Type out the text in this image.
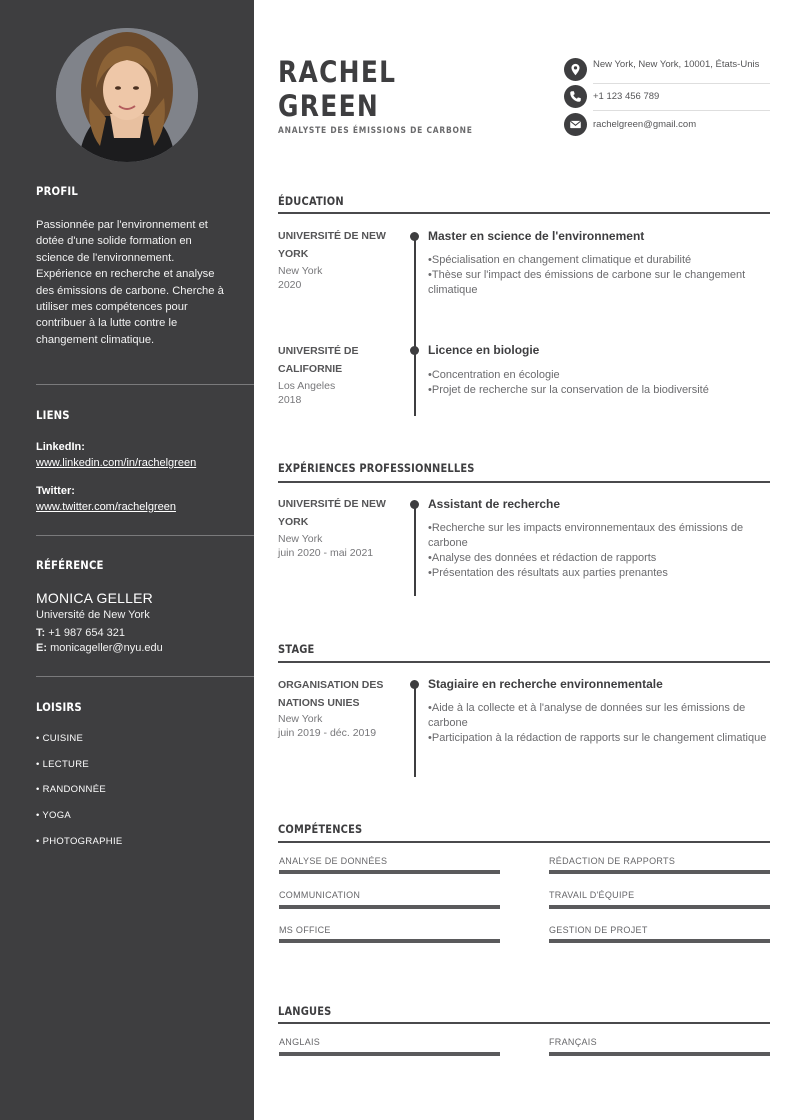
PROFIL
Passionnée par l'environnement et dotée d'une solide formation en science de l'environnement. Expérience en recherche et analyse des émissions de carbone. Cherche à utiliser mes compétences pour contribuer à la lutte contre le changement climatique.
LIENS
LinkedIn:
www.linkedin.com/in/rachelgreen
Twitter:
www.twitter.com/rachelgreen
RÉFÉRENCE
MONICA GELLER
Université de New York
T: +1 987 654 321
E: monicageller@nyu.edu
LOISIRS
• CUISINE
• LECTURE
• RANDONNÉE
• YOGA
• PHOTOGRAPHIE
RACHEL
GREEN
ANALYSTE DES ÉMISSIONS DE CARBONE
New York, New York, 10001, États-Unis
+1 123 456 789
rachelgreen@gmail.com
ÉDUCATION
UNIVERSITÉ DE NEW YORK
New York
2020
Master en science de l'environnement
• Spécialisation en changement climatique et durabilité
• Thèse sur l'impact des émissions de carbone sur le changement climatique
UNIVERSITÉ DE CALIFORNIE
Los Angeles
2018
Licence en biologie
• Concentration en écologie
• Projet de recherche sur la conservation de la biodiversité
EXPÉRIENCES PROFESSIONNELLES
UNIVERSITÉ DE NEW YORK
New York
juin 2020 - mai 2021
Assistant de recherche
• Recherche sur les impacts environnementaux des émissions de carbone
• Analyse des données et rédaction de rapports
• Présentation des résultats aux parties prenantes
STAGE
ORGANISATION DES NATIONS UNIES
New York
juin 2019 - déc. 2019
Stagiaire en recherche environnementale
• Aide à la collecte et à l'analyse de données sur les émissions de carbone
• Participation à la rédaction de rapports sur le changement climatique
COMPÉTENCES
ANALYSE DE DONNÉES	RÉDACTION DE RAPPORTS
COMMUNICATION	TRAVAIL D'ÉQUIPE
MS OFFICE	GESTION DE PROJET
LANGUES
ANGLAIS	FRANÇAIS
